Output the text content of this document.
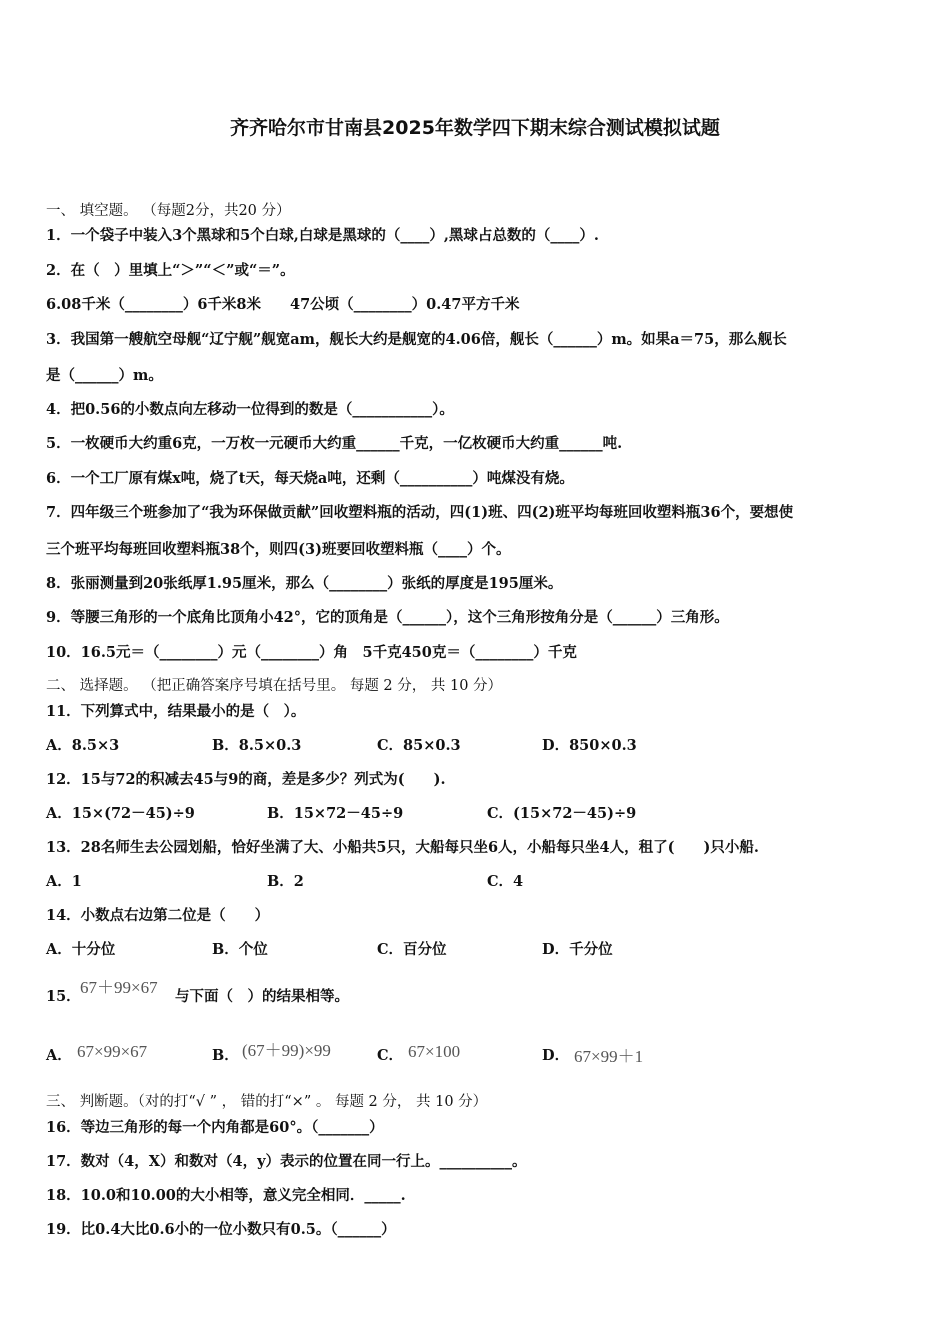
齐齐哈尔市甘南县2025年数学四下期末综合测试模拟试题
一、 填空题。 （每题2分，共20 分）
1．一个袋子中装入3个黑球和5个白球,白球是黑球的（____）,黑球占总数的（____）.
2．在（　）里填上“＞”“＜”或“＝”。
6.08千米（________）6千米8米　　47公顷（________）0.47平方千米
3．我国第一艘航空母舰“辽宁舰”舰宽am，舰长大约是舰宽的4.06倍，舰长（______）m。如果a＝75，那么舰长
是（______）m。
4．把0.56的小数点向左移动一位得到的数是（___________）。
5．一枚硬币大约重6克，一万枚一元硬币大约重______千克，一亿枚硬币大约重______吨.
6．一个工厂原有煤x吨，烧了t天，每天烧a吨，还剩（__________）吨煤没有烧。
7．四年级三个班参加了“我为环保做贡献”回收塑料瓶的活动，四(1)班、四(2)班平均每班回收塑料瓶36个，要想使
三个班平均每班回收塑料瓶38个，则四(3)班要回收塑料瓶（____）个。
8．张丽测量到20张纸厚1.95厘米，那么（________）张纸的厚度是195厘米。
9．等腰三角形的一个底角比顶角小42°，它的顶角是（______），这个三角形按角分是（______）三角形。
10．16.5元＝（________）元（________）角　5千克450克＝（________）千克
二、 选择题。 （把正确答案序号填在括号里。 每题 2 分， 共 10 分）
11．下列算式中，结果最小的是（　）。
A．8.5×3	B．8.5×0.3	C．85×0.3	D．850×0.3
12．15与72的积减去45与9的商，差是多少？列式为(　　).
A．15×(72－45)÷9	B．15×72－45÷9	C．(15×72－45)÷9
13．28名师生去公园划船，恰好坐满了大、小船共5只，大船每只坐6人，小船每只坐4人，租了(　　)只小船.
A．1	B．2	C．4
14．小数点右边第二位是（　　）
A．十分位	B．个位	C．百分位	D．千分位
15． 67＋99×67 与下面（　）的结果相等。
A． 67×99×67	B． (67＋99)×99	C． 67×100	D． 67×99＋1
三、 判断题。（对的打“√ ” ， 错的打“×” 。 每题 2 分， 共 10 分）
16．等边三角形的每一个内角都是60°。（_______）
17．数对（4，X）和数对（4，y）表示的位置在同一行上。__________。
18．10.0和10.00的大小相等，意义完全相同．_____.
19．比0.4大比0.6小的一位小数只有0.5。（______）
